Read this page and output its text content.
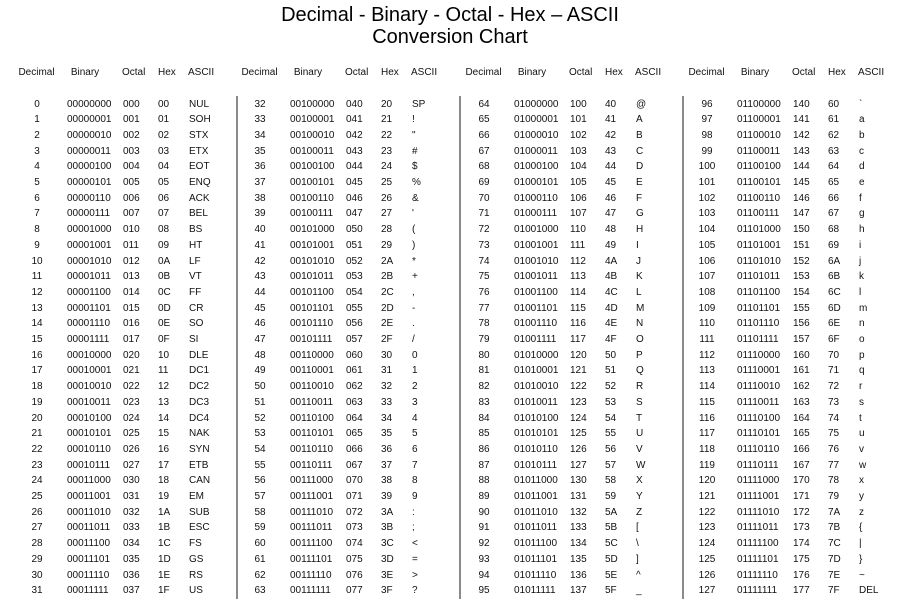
Decimal - Binary - Octal - Hex – ASCII
Conversion Chart
Decimal	Binary	Octal Hex ASCII
0	00000000 000 00 NUL
1	00000001 001 01 SOH
2	00000010 002 02 STX
3	00000011 003 03 ETX
4	00000100 004 04 EOT
5	00000101 005 05 ENQ
6	00000110 006 06 ACK
7	00000111 007 07 BEL
8	00001000 010 08 BS
9	00001001 011 09 HT
10	00001010 012 0A LF
11	00001011 013 0B VT
12	00001100 014 0C FF
13	00001101 015 0D CR
14	00001110 016 0E SO
15	00001111 017 0F SI
16	00010000 020 10 DLE
17	00010001 021 11 DC1
18	00010010 022 12 DC2
19	00010011 023 13 DC3
20	00010100 024 14 DC4
21	00010101 025 15 NAK
22	00010110 026 16 SYN
23	00010111 027 17 ETB
24	00011000 030 18 CAN
25	00011001 031 19 EM
26	00011010 032 1A SUB
27	00011011 033 1B ESC
28	00011100 034 1C FS
29	00011101 035 1D GS
30	00011110 036 1E RS
31	00011111 037 1F US
Decimal	Binary	Octal Hex ASCII
32	00100000 040 20 SP
33	00100001 041 21 !
34	00100010 042 22 "
35	00100011 043 23 #
36	00100100 044 24 $
37	00100101 045 25 %
38	00100110 046 26 &
39	00100111 047 27 '
40	00101000 050 28 (
41	00101001 051 29 )
42	00101010 052 2A *
43	00101011 053 2B +
44	00101100 054 2C ,
45	00101101 055 2D -
46	00101110 056 2E .
47	00101111 057 2F /
48	00110000 060 30 0
49	00110001 061 31 1
50	00110010 062 32 2
51	00110011 063 33 3
52	00110100 064 34 4
53	00110101 065 35 5
54	00110110 066 36 6
55	00110111 067 37 7
56	00111000 070 38 8
57	00111001 071 39 9
58	00111010 072 3A :
59	00111011 073 3B ;
60	00111100 074 3C <
61	00111101 075 3D =
62	00111110 076 3E >
63	00111111 077 3F ?
Decimal	Binary	Octal Hex ASCII
64	01000000 100 40 @
65	01000001 101 41 A
66	01000010 102 42 B
67	01000011 103 43 C
68	01000100 104 44 D
69	01000101 105 45 E
70	01000110 106 46 F
71	01000111 107 47 G
72	01001000 110 48 H
73	01001001 111 49 I
74	01001010 112 4A J
75	01001011 113 4B K
76	01001100 114 4C L
77	01001101 115 4D M
78	01001110 116 4E N
79	01001111 117 4F O
80	01010000 120 50 P
81	01010001 121 51 Q
82	01010010 122 52 R
83	01010011 123 53 S
84	01010100 124 54 T
85	01010101 125 55 U
86	01010110 126 56 V
87	01010111 127 57 W
88	01011000 130 58 X
89	01011001 131 59 Y
90	01011010 132 5A Z
91	01011011 133 5B [
92	01011100 134 5C \
93	01011101 135 5D ]
94	01011110 136 5E ^
95	01011111 137 5F _
Decimal	Binary	Octal Hex ASCII
96	01100000 140 60 `
97	01100001 141 61 a
98	01100010 142 62 b
99	01100011 143 63 c
100	01100100 144 64 d
101	01100101 145 65 e
102	01100110 146 66 f
103	01100111 147 67 g
104	01101000 150 68 h
105	01101001 151 69 i
106	01101010 152 6A j
107	01101011 153 6B k
108	01101100 154 6C l
109	01101101 155 6D m
110	01101110 156 6E n
111	01101111 157 6F o
112	01110000 160 70 p
113	01110001 161 71 q
114	01110010 162 72 r
115	01110011 163 73 s
116	01110100 164 74 t
117	01110101 165 75 u
118	01110110 166 76 v
119	01110111 167 77 w
120	01111000 170 78 x
121	01111001 171 79 y
122	01111010 172 7A z
123	01111011 173 7B {
124	01111100 174 7C |
125	01111101 175 7D }
126	01111110 176 7E ~
127	01111111 177 7F DEL
